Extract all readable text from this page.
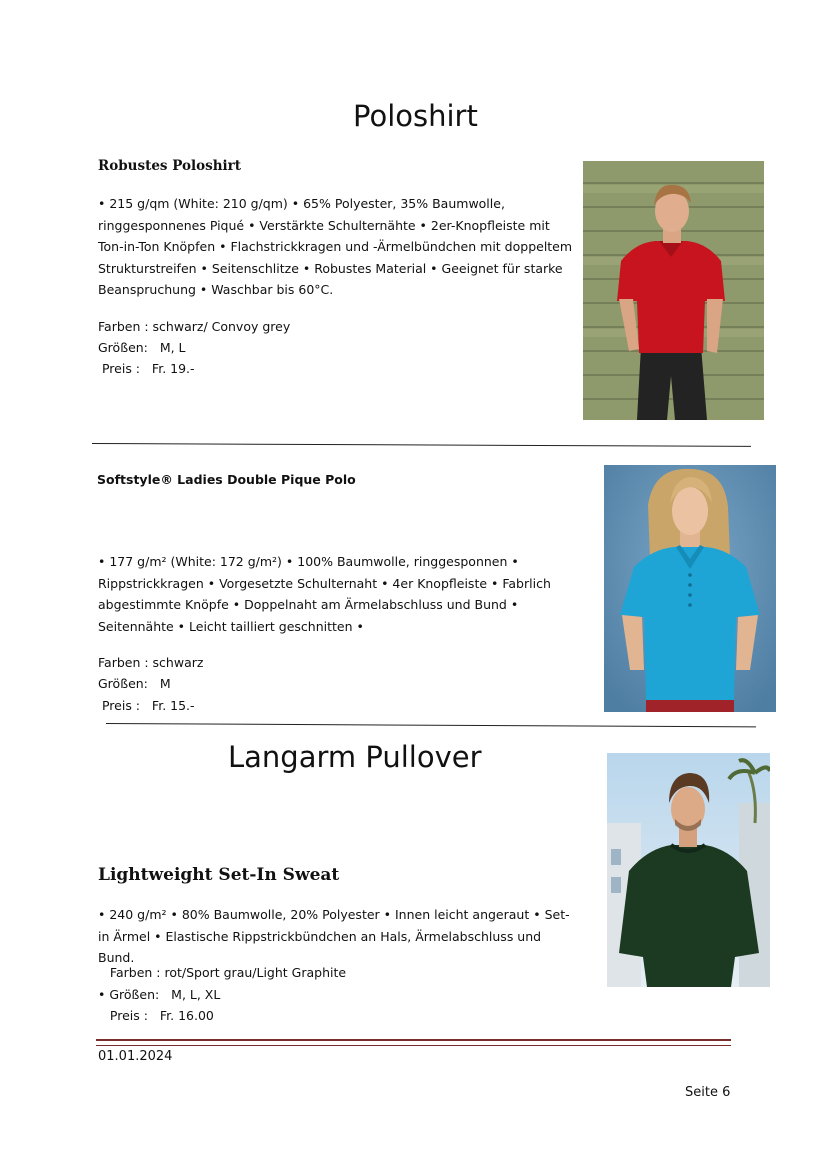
Poloshirt
Robustes Poloshirt
• 215 g/qm (White: 210 g/qm) • 65% Polyester, 35% Baumwolle, ringgesponnenes Piqué • Verstärkte Schulternähte • 2er-Knopfleiste mit Ton-in-Ton Knöpfen • Flachstrickkragen und -Ärmelbündchen mit doppeltem Strukturstreifen • Seitenschlitze • Robustes Material • Geeignet für starke Beanspruchung • Waschbar bis 60°C.
Farben : schwarz/ Convoy grey
Größen:   M, L
Preis :   Fr. 19.-
Softstyle® Ladies Double Pique Polo
• 177 g/m² (White: 172 g/m²) • 100% Baumwolle, ringgesponnen • Rippstrickkragen • Vorgesetzte Schulternaht • 4er Knopfleiste • Fabrlich abgestimmte Knöpfe • Doppelnaht am Ärmelabschluss und Bund • Seitennähte • Leicht tailliert geschnitten •
Farben : schwarz
Größen:   M
Preis :   Fr. 15.-
Langarm Pullover
Lightweight Set-In Sweat
• 240 g/m² • 80% Baumwolle, 20% Polyester • Innen leicht angeraut • Set-in Ärmel • Elastische Rippstrickbündchen an Hals, Ärmelabschluss und Bund.
Farben : rot/Sport grau/Light Graphite
• Größen:   M, L, XL
Preis :   Fr. 16.00
01.01.2024
Seite 6
